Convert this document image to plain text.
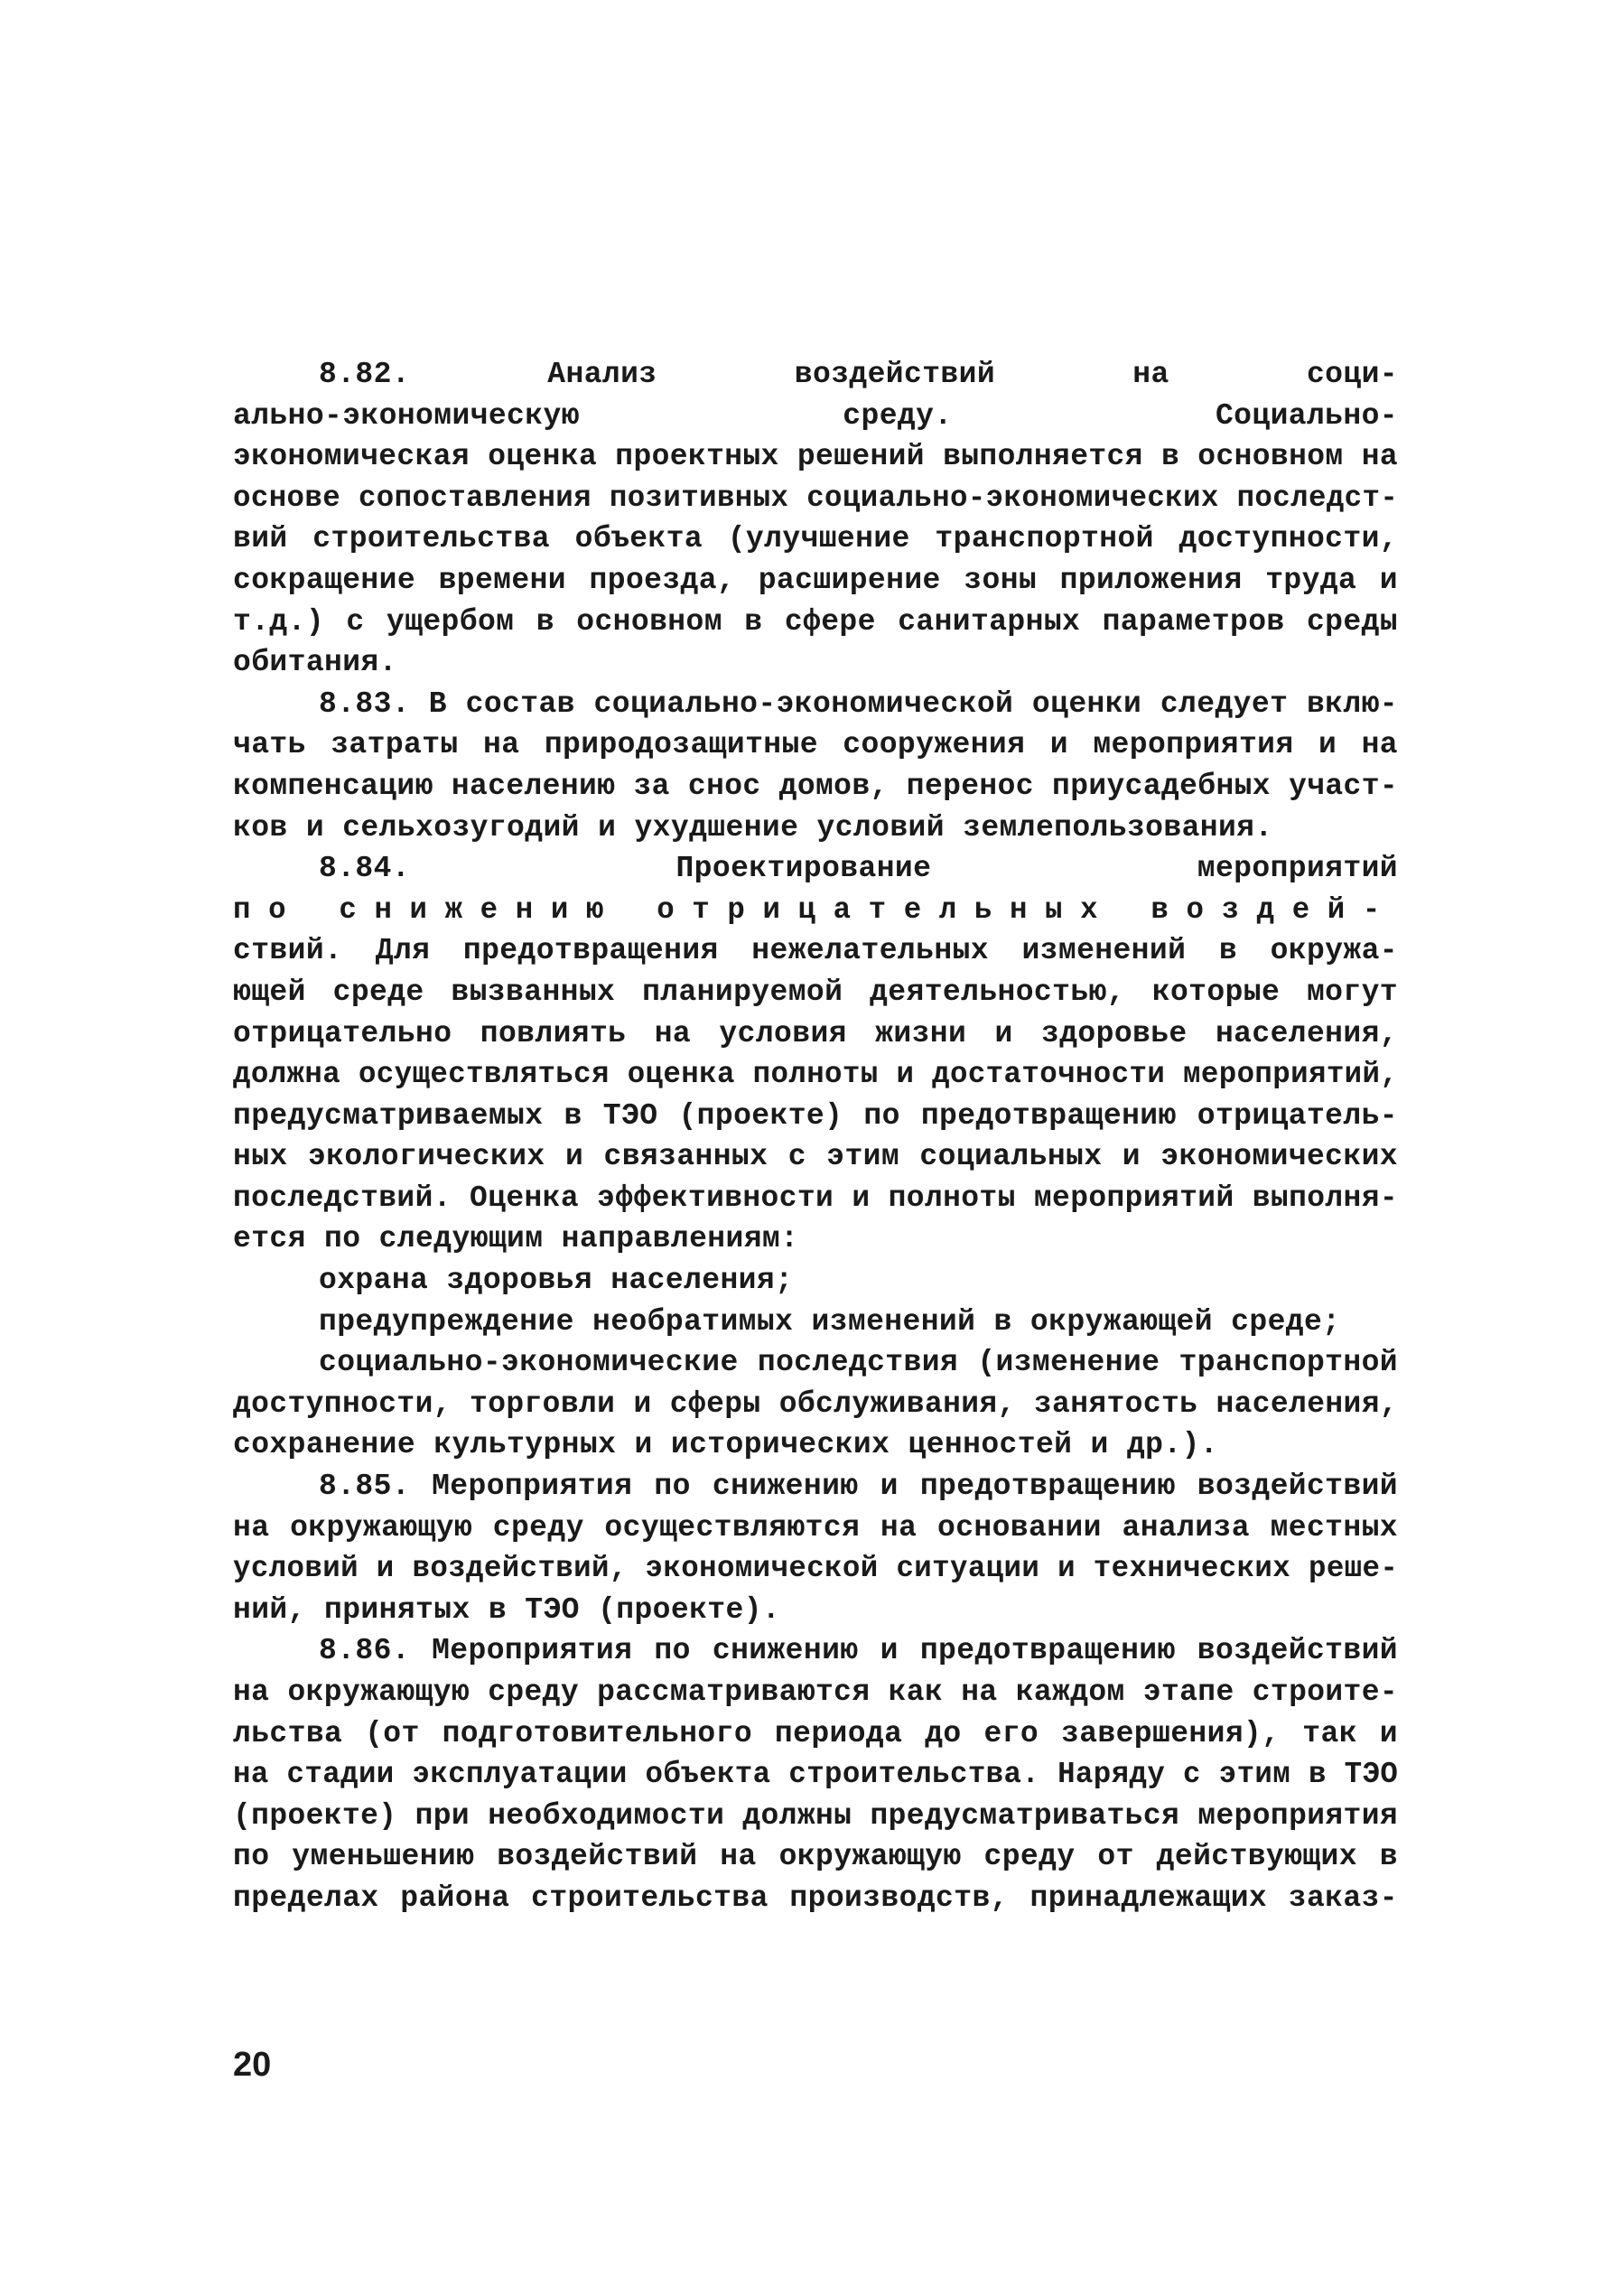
8.82. Анализ воздействий на соци-
ально-экономическую среду. Социально-
экономическая оценка проектных решений выполняется в основном на
основе сопоставления позитивных социально-экономических последст-
вий строительства объекта (улучшение транспортной доступности,
сокращение времени проезда, расширение зоны приложения труда и
т.д.) с ущербом в основном в сфере санитарных параметров среды
обитания.
8.83. В состав социально-экономической оценки следует вклю-
чать затраты на природозащитные сооружения и мероприятия и на
компенсацию населению за снос домов, перенос приусадебных участ-
ков и сельхозугодий и ухудшение условий землепользования.
8.84. Проектирование мероприятий
по снижению отрицательных воздей-
ствий. Для предотвращения нежелательных изменений в окружа-
ющей среде вызванных планируемой деятельностью, которые могут
отрицательно повлиять на условия жизни и здоровье населения,
должна осуществляться оценка полноты и достаточности мероприятий,
предусматриваемых в ТЭО (проекте) по предотвращению отрицатель-
ных экологических и связанных с этим социальных и экономических
последствий. Оценка эффективности и полноты мероприятий выполня-
ется по следующим направлениям:
охрана здоровья населения;
предупреждение необратимых изменений в окружающей среде;
социально-экономические последствия (изменение транспортной
доступности, торговли и сферы обслуживания, занятость населения,
сохранение культурных и исторических ценностей и др.).
8.85. Мероприятия по снижению и предотвращению воздействий
на окружающую среду осуществляются на основании анализа местных
условий и воздействий, экономической ситуации и технических реше-
ний, принятых в ТЭО (проекте).
8.86. Мероприятия по снижению и предотвращению воздействий
на окружающую среду рассматриваются как на каждом этапе строите-
льства (от подготовительного периода до его завершения), так и
на стадии эксплуатации объекта строительства. Наряду с этим в ТЭО
(проекте) при необходимости должны предусматриваться мероприятия
по уменьшению воздействий на окружающую среду от действующих в
пределах района строительства производств, принадлежащих заказ-
20
